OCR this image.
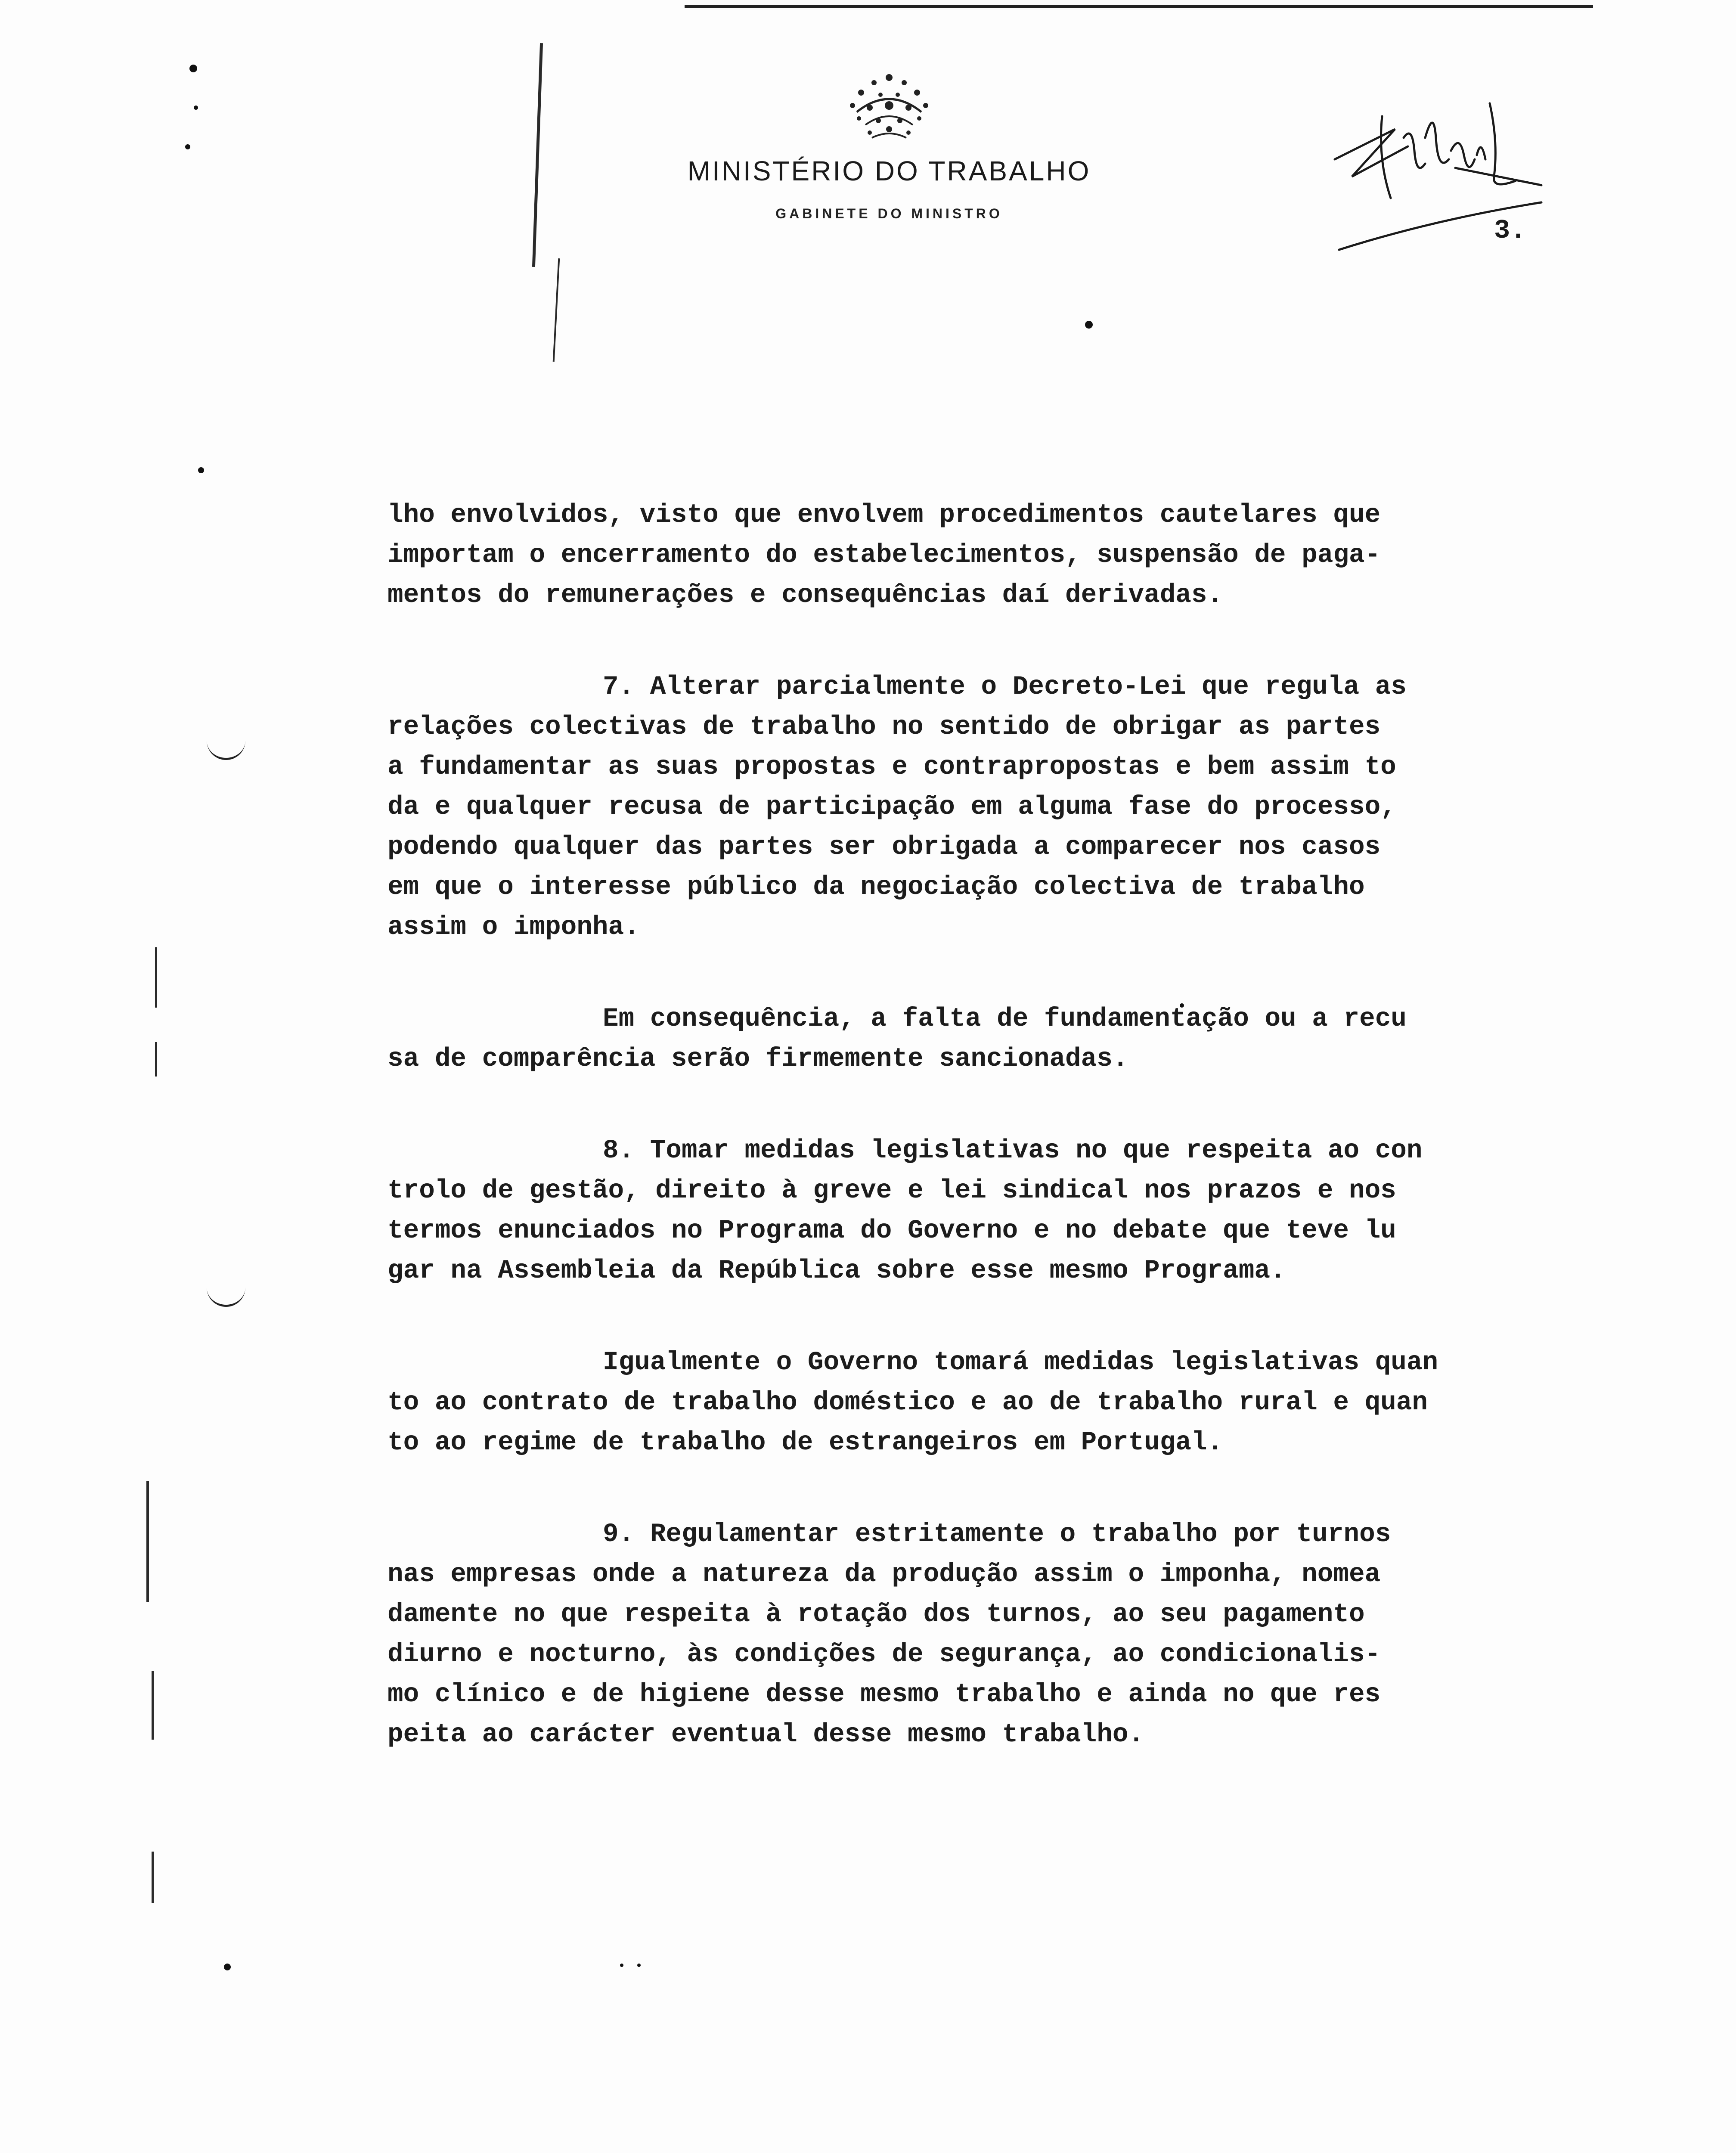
MINISTÉRIO DO TRABALHO
GABINETE DO MINISTRO
3.
lho envolvidos, visto que envolvem procedimentos cautelares que
importam o encerramento do estabelecimentos, suspensão de paga-
mentos do remunerações e consequências daí derivadas.
7. Alterar parcialmente o Decreto-Lei que regula as
relações colectivas de trabalho no sentido de obrigar as partes
a fundamentar as suas propostas e contrapropostas e bem assim to
da e qualquer recusa de participação em alguma fase do processo,
podendo qualquer das partes ser obrigada a comparecer nos casos
em que o interesse público da negociação colectiva de trabalho
assim o imponha.
Em consequência, a falta de fundamentação ou a recu
sa de comparência serão firmemente sancionadas.
8. Tomar medidas legislativas no que respeita ao con
trolo de gestão, direito à greve e lei sindical nos prazos e nos
termos enunciados no Programa do Governo e no debate que teve lu
gar na Assembleia da República sobre esse mesmo Programa.
Igualmente o Governo tomará medidas legislativas quan
to ao contrato de trabalho doméstico e ao de trabalho rural e quan
to ao regime de trabalho de estrangeiros em Portugal.
9. Regulamentar estritamente o trabalho por turnos
nas empresas onde a natureza da produção assim o imponha, nomea
damente no que respeita à rotação dos turnos, ao seu pagamento
diurno e nocturno, às condições de segurança, ao condicionalis-
mo clínico e de higiene desse mesmo trabalho e ainda no que res
peita ao carácter eventual desse mesmo trabalho.
